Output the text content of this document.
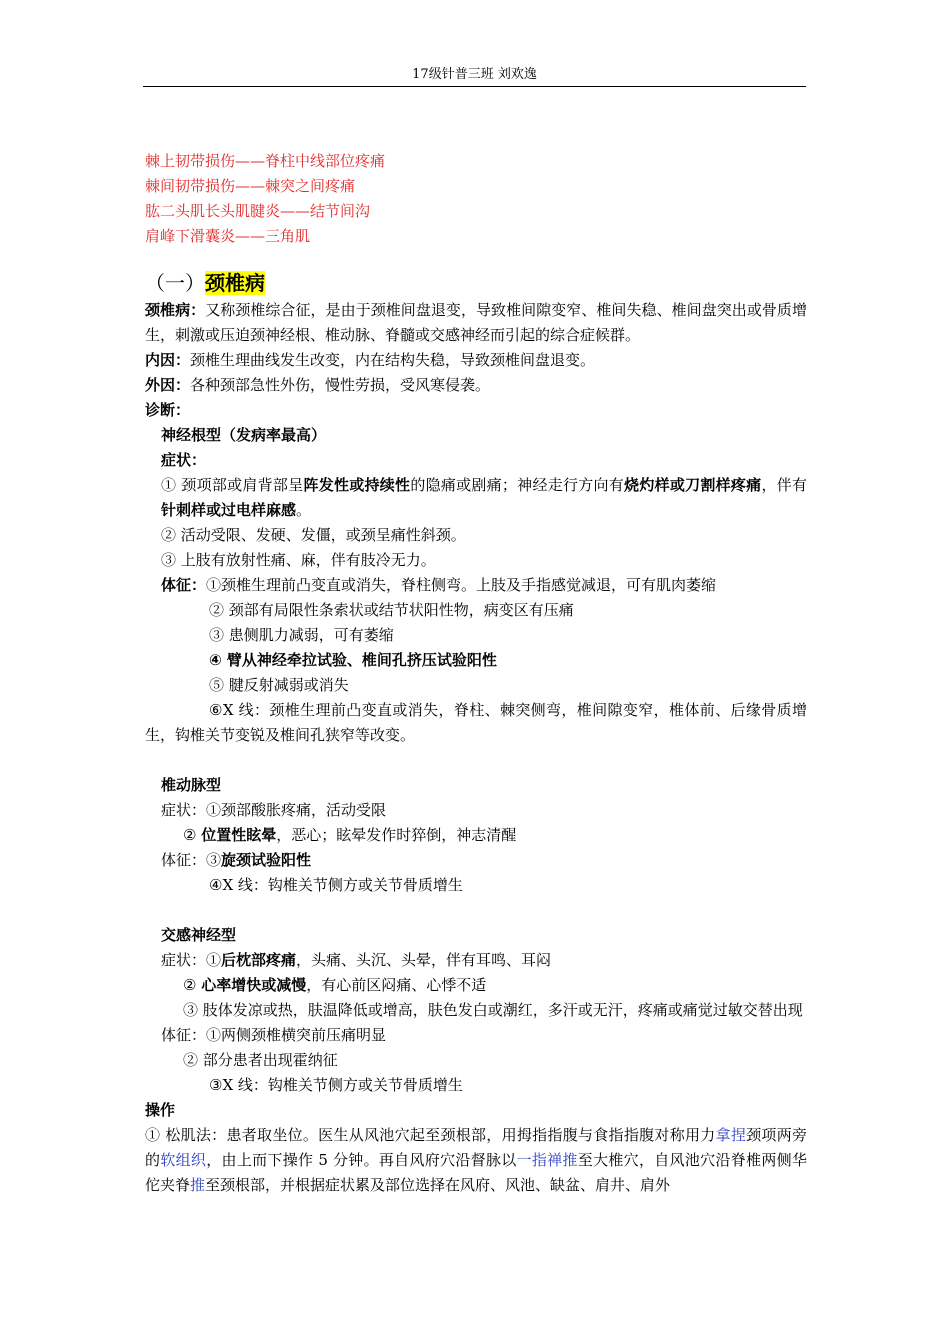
17级针普三班 刘欢逸
棘上韧带损伤——脊柱中线部位疼痛
棘间韧带损伤——棘突之间疼痛
肱二头肌长头肌腱炎——结节间沟
肩峰下滑囊炎——三角肌
（一）颈椎病
颈椎病：又称颈椎综合征，是由于颈椎间盘退变，导致椎间隙变窄、椎间失稳、椎间盘突出或骨质增生，刺激或压迫颈神经根、椎动脉、脊髓或交感神经而引起的综合症候群。
内因：颈椎生理曲线发生改变，内在结构失稳，导致颈椎间盘退变。
外因：各种颈部急性外伤，慢性劳损，受风寒侵袭。
诊断：
神经根型（发病率最高）
症状：
① 颈项部或肩背部呈阵发性或持续性的隐痛或剧痛；神经走行方向有烧灼样或刀割样疼痛，伴有针刺样或过电样麻感。
② 活动受限、发硬、发僵，或颈呈痛性斜颈。
③ 上肢有放射性痛、麻，伴有肢冷无力。
体征：①颈椎生理前凸变直或消失，脊柱侧弯。上肢及手指感觉减退，可有肌肉萎缩
② 颈部有局限性条索状或结节状阳性物，病变区有压痛
③ 患侧肌力减弱，可有萎缩
④ 臂从神经牵拉试验、椎间孔挤压试验阳性
⑤ 腱反射减弱或消失
⑥X 线：颈椎生理前凸变直或消失，脊柱、棘突侧弯，椎间隙变窄，椎体前、后缘骨质增生，钩椎关节变锐及椎间孔狭窄等改变。
椎动脉型
症状：①颈部酸胀疼痛，活动受限
② 位置性眩晕，恶心；眩晕发作时猝倒，神志清醒
体征：③旋颈试验阳性
④X 线：钩椎关节侧方或关节骨质增生
交感神经型
症状：①后枕部疼痛，头痛、头沉、头晕，伴有耳鸣、耳闷
② 心率增快或减慢，有心前区闷痛、心悸不适
③ 肢体发凉或热，肤温降低或增高，肤色发白或潮红，多汗或无汗，疼痛或痛觉过敏交替出现
体征：①两侧颈椎横突前压痛明显
② 部分患者出现霍纳征
③X 线：钩椎关节侧方或关节骨质增生
操作
① 松肌法：患者取坐位。医生从风池穴起至颈根部，用拇指指腹与食指指腹对称用力拿捏颈项两旁的软组织，由上而下操作 5 分钟。再自风府穴沿督脉以一指禅推至大椎穴，自风池穴沿脊椎两侧华佗夹脊推至颈根部，并根据症状累及部位选择在风府、风池、缺盆、肩井、肩外
